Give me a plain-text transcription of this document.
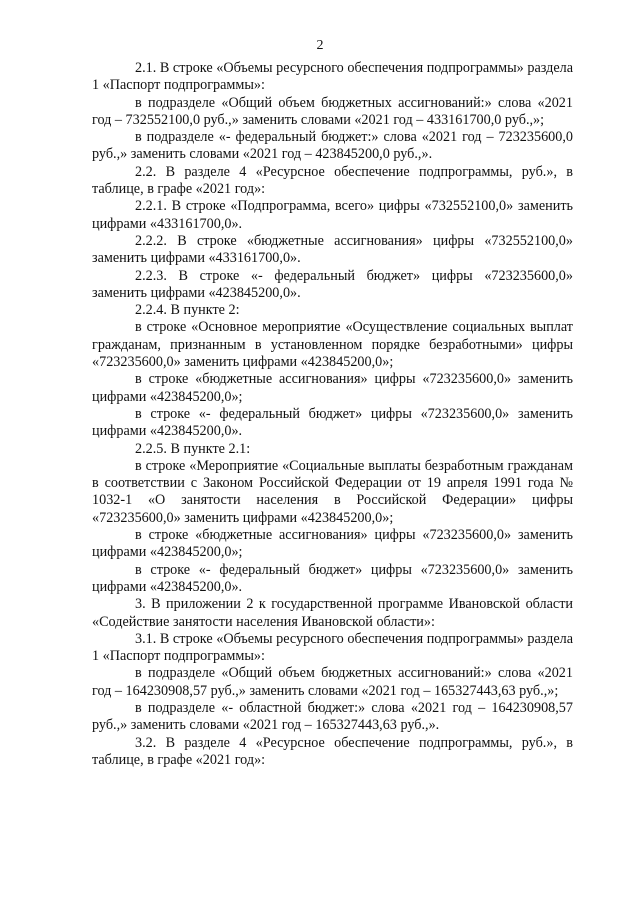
2

2.1. В строке «Объемы ресурсного обеспечения подпрограммы» раздела 1 «Паспорт подпрограммы»:

в подразделе «Общий объем бюджетных ассигнований:» слова «2021 год – 732552100,0 руб.,» заменить словами «2021 год – 433161700,0 руб.,»;

в подразделе «- федеральный бюджет:» слова «2021 год – 723235600,0 руб.,» заменить словами «2021 год – 423845200,0 руб.,».

2.2. В разделе 4 «Ресурсное обеспечение подпрограммы, руб.», в таблице, в графе «2021 год»:

2.2.1. В строке «Подпрограмма, всего» цифры «732552100,0» заменить цифрами «433161700,0».

2.2.2. В строке «бюджетные ассигнования» цифры «732552100,0» заменить цифрами «433161700,0».

2.2.3. В строке «- федеральный бюджет» цифры «723235600,0» заменить цифрами «423845200,0».

2.2.4. В пункте 2:

в строке «Основное мероприятие «Осуществление социальных выплат гражданам, признанным в установленном порядке безработными» цифры «723235600,0» заменить цифрами «423845200,0»;

в строке «бюджетные ассигнования» цифры «723235600,0» заменить цифрами «423845200,0»;

в строке «- федеральный бюджет» цифры «723235600,0» заменить цифрами «423845200,0».

2.2.5. В пункте 2.1:

в строке «Мероприятие «Социальные выплаты безработным гражданам в соответствии с Законом Российской Федерации от 19 апреля 1991 года № 1032-1 «О занятости населения в Российской Федерации» цифры «723235600,0» заменить цифрами «423845200,0»;

в строке «бюджетные ассигнования» цифры «723235600,0» заменить цифрами «423845200,0»;

в строке «- федеральный бюджет» цифры «723235600,0» заменить цифрами «423845200,0».

3. В приложении 2 к государственной программе Ивановской области «Содействие занятости населения Ивановской области»:

3.1. В строке «Объемы ресурсного обеспечения подпрограммы» раздела 1 «Паспорт подпрограммы»:

в подразделе «Общий объем бюджетных ассигнований:» слова «2021 год – 164230908,57 руб.,» заменить словами «2021 год – 165327443,63 руб.,»;

в подразделе «- областной бюджет:» слова «2021 год – 164230908,57 руб.,» заменить словами «2021 год – 165327443,63 руб.,».

3.2. В разделе 4 «Ресурсное обеспечение подпрограммы, руб.», в таблице, в графе «2021 год»:
